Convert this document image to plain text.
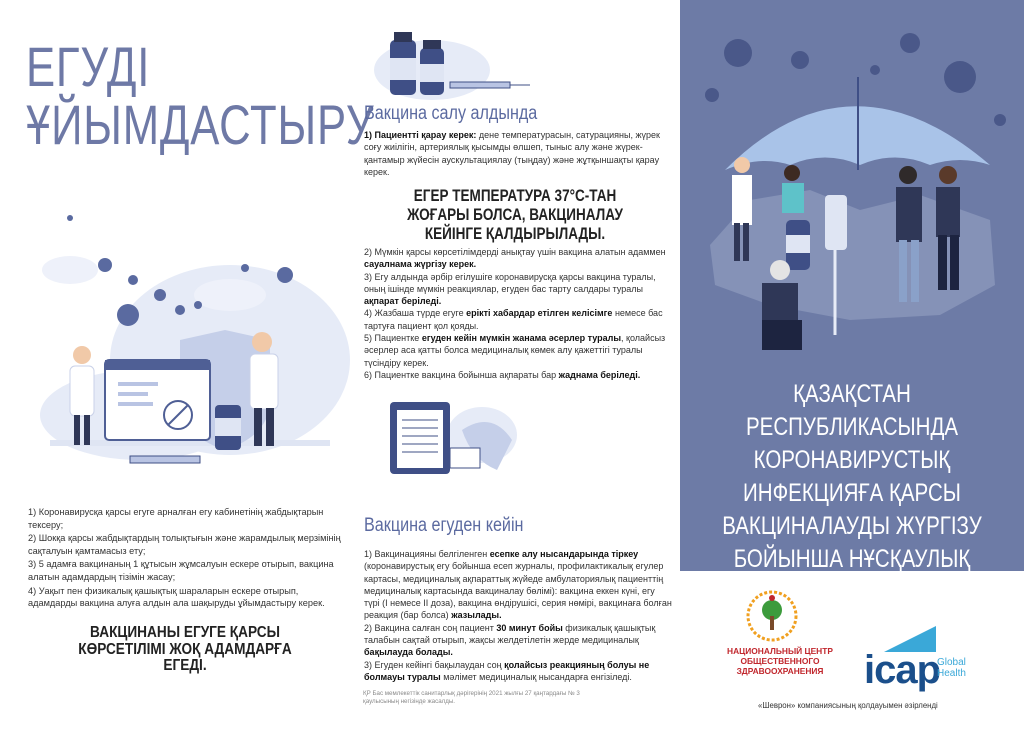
ЕГУДІ
ҰЙЫМДАСТЫРУ

1) Коронавирусқа қарсы егуге арналған егу кабинетінің жабдықтарын тексеру;

2) Шокқа қарсы жабдықтардың толықтығын және жарамдылық мерзімінің сақталуын қамтамасыз ету;

3) 5 адамға вакцинаның 1 құтысын жұмсалуын ескере отырып, вакцина алатын адамдардың тізімін жасау;

4) Уақыт пен физикалық қашықтық шараларын ескере отырып, адамдарды вакцина алуға алдын ала шақыруды ұйымдастыру керек.

ВАКЦИНАНЫ ЕГУГЕ ҚАРСЫ КӨРСЕТІЛІМІ ЖОҚ АДАМДАРҒА ЕГЕДІ.
Вакцина салу алдында
1) Пациентті қарау керек: дене температурасын, сатурацияны, жүрек соғу жиілігін, артериялық қысымды өлшеп, тыныс алу және жүрек-қантамыр жүйесін аускультациялау (тыңдау) және жұтқыншақты қарау керек.
ЕГЕР ТЕМПЕРАТУРА 37°С-ТАН ЖОҒАРЫ БОЛСА, ВАКЦИНАЛАУ КЕЙІНГЕ ҚАЛДЫРЫЛАДЫ.
2) Мүмкін қарсы көрсетілімдерді анықтау үшін вакцина алатын адаммен сауалнама жүргізу керек.
3) Егу алдында әрбір егілушіге коронавирусқа қарсы вакцина туралы, оның ішінде мүмкін реакциялар, егуден бас тарту салдары туралы ақпарат беріледі.
4) Жазбаша түрде егуге ерікті хабардар етілген келісімге немесе бас тартуға пациент қол қояды.
5) Пациентке егуден кейін мүмкін жанама әсерлер туралы, қолайсыз әсерлер аса қатты болса медициналық көмек алу қажеттігі туралы түсіндіру керек.
6) Пациентке вакцина бойынша ақпараты бар жаднама беріледі.
Вакцина егуден кейін
1) Вакцинацияны белгіленген есепке алу нысандарында тіркеу (коронавирустық егу бойынша есеп журналы, профилактикалық егулер картасы, медициналық ақпараттық жүйеде амбулаториялық пациенттің медициналық картасында вакциналау бөлімі): вакцина еккен күні, егу түрі (I немесе II доза), вакцина өндірушісі, серия нөмірі, вакцинаға болған реакция (бар болса) жазылады.
2) Вакцина салған соң пациент 30 минут бойы физикалық қашықтық талабын сақтай отырып, жақсы желдетілетін жерде медициналық бақылауда болады.
3) Егуден кейінгі бақылаудан соң қолайсыз реакцияның болуы не болмауы туралы мәлімет медициналық нысандарға енгізіледі.
ҚР Бас мемлекеттік санитарлық дәрігерінің 2021 жылғы 27 қаңтардағы № 3 қаулысының негізінде жасалды.
ҚАЗАҚСТАН РЕСПУБЛИКАСЫНДА КОРОНАВИРУСТЫҚ ИНФЕКЦИЯҒА ҚАРСЫ ВАКЦИНАЛАУДЫ ЖҮРГІЗУ БОЙЫНША НҰСҚАУЛЫҚ
НАЦИОНАЛЬНЫЙ ЦЕНТР ОБЩЕСТВЕННОГО ЗДРАВООХРАНЕНИЯ	icap
Global Health
«Шеврон» компаниясының қолдауымен әзірленді
